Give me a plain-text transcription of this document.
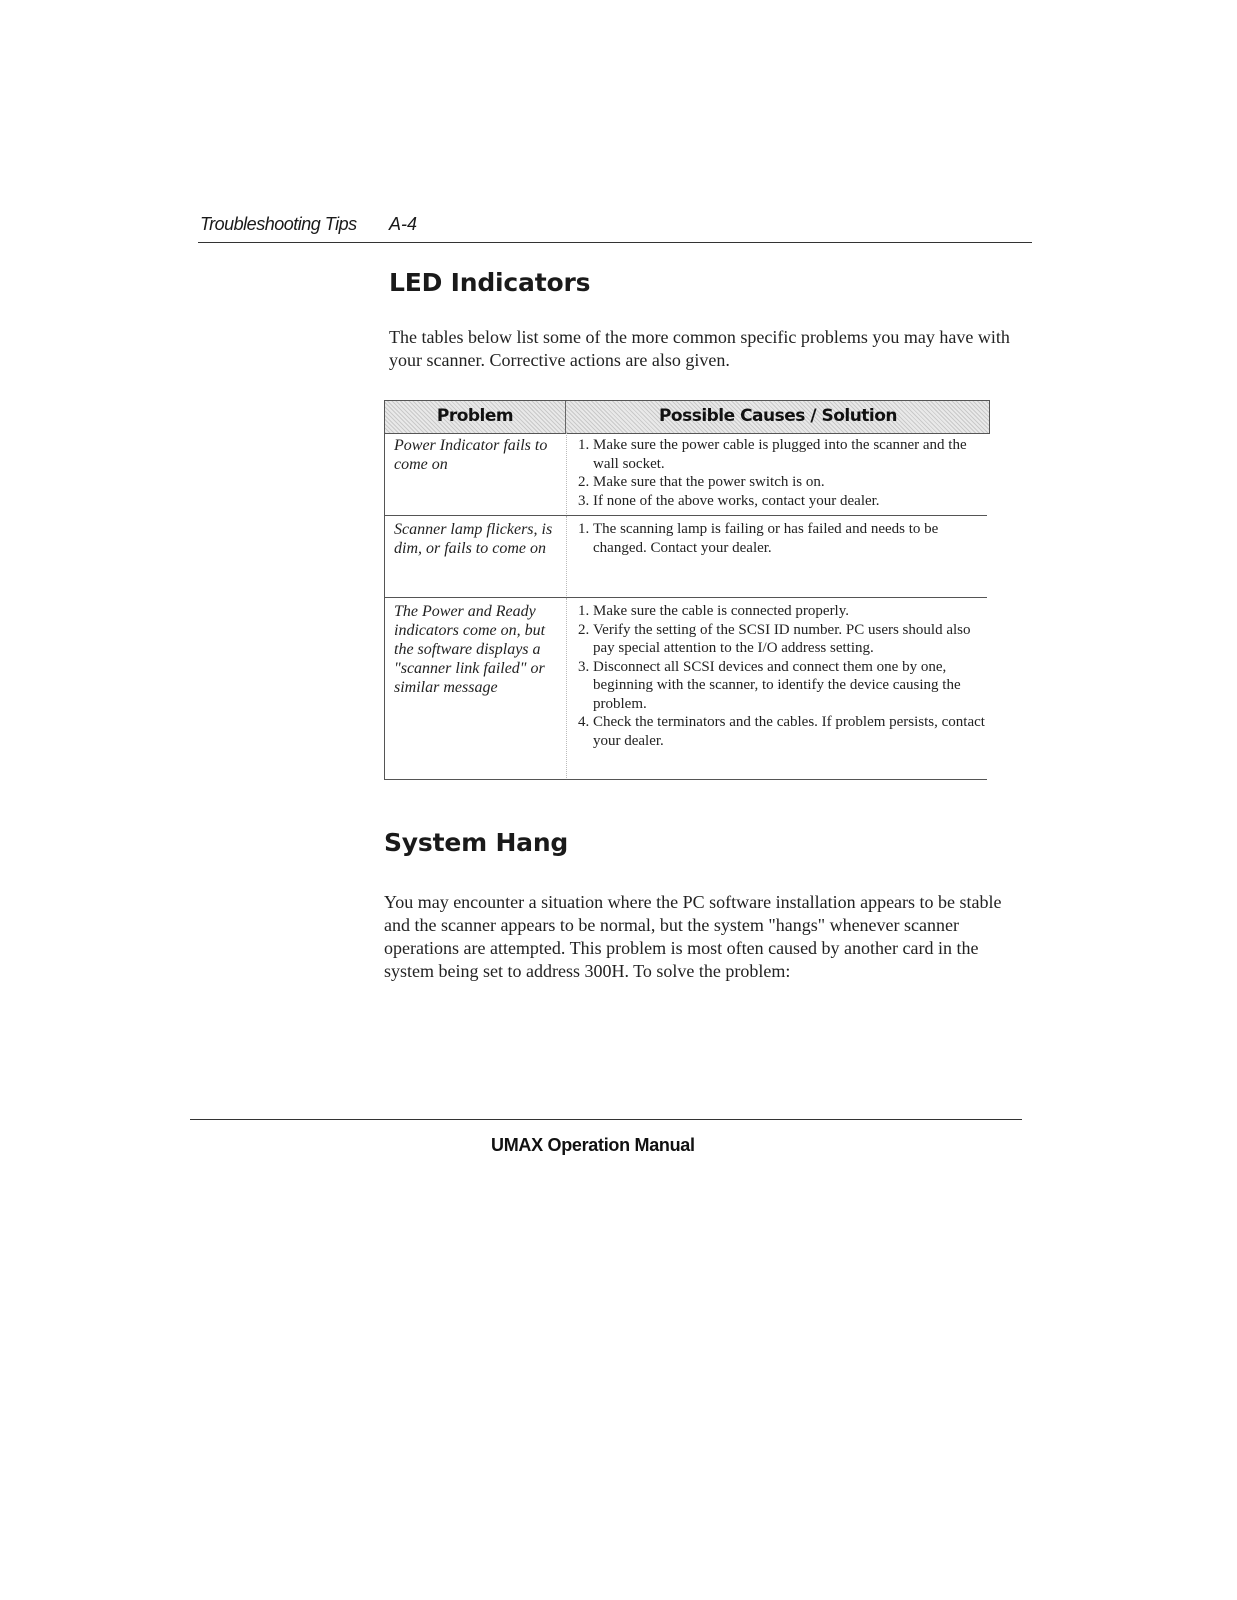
Troubleshooting Tips A-4
LED Indicators

The tables below list some of the more common specific problems you may have with your scanner. Corrective actions are also given.

Problem	Possible Causes / Solution
Power Indicator fails to come on
1. Make sure the power cable is plugged into the scanner and the wall socket.
2. Make sure that the power switch is on.
3. If none of the above works, contact your dealer.
Scanner lamp flickers, is dim, or fails to come on
1. The scanning lamp is failing or has failed and needs to be changed. Contact your dealer.
The Power and Ready indicators come on, but the software displays a "scanner link failed" or similar message
1. Make sure the cable is connected properly.
2. Verify the setting of the SCSI ID number. PC users should also pay special attention to the I/O address setting.
3. Disconnect all SCSI devices and connect them one by one, beginning with the scanner, to identify the device causing the problem.
4. Check the terminators and the cables. If problem persists, contact your dealer.
System Hang

You may encounter a situation where the PC software installation appears to be stable and the scanner appears to be normal, but the system "hangs" whenever scanner operations are attempted. This problem is most often caused by another card in the system being set to address 300H. To solve the problem:

UMAX Operation Manual
